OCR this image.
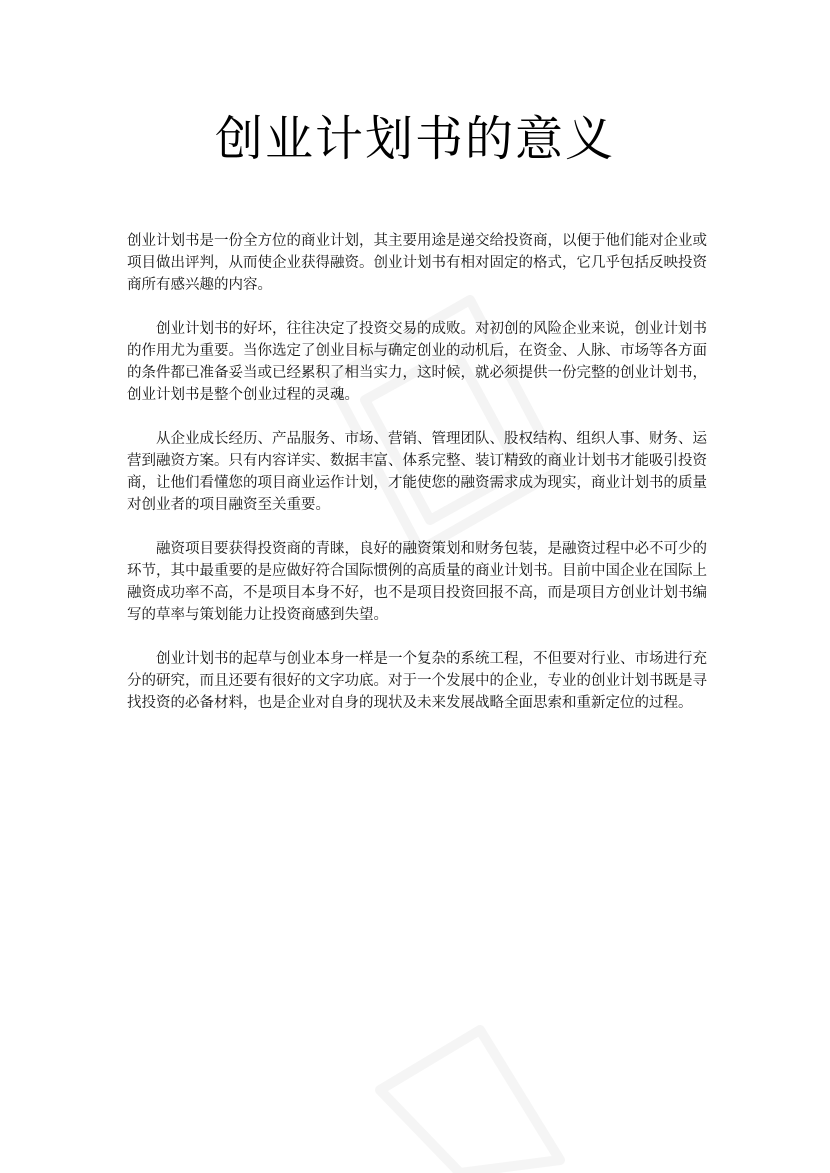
创业计划书的意义

创业计划书是一份全方位的商业计划，其主要用途是递交给投资商，以便于他们能对企业或项目做出评判，从而使企业获得融资。创业计划书有相对固定的格式，它几乎包括反映投资商所有感兴趣的内容。

创业计划书的好坏，往往决定了投资交易的成败。对初创的风险企业来说，创业计划书的作用尤为重要。当你选定了创业目标与确定创业的动机后，在资金、人脉、市场等各方面的条件都已准备妥当或已经累积了相当实力，这时候，就必须提供一份完整的创业计划书，创业计划书是整个创业过程的灵魂。

从企业成长经历、产品服务、市场、营销、管理团队、股权结构、组织人事、财务、运营到融资方案。只有内容详实、数据丰富、体系完整、装订精致的商业计划书才能吸引投资商，让他们看懂您的项目商业运作计划，才能使您的融资需求成为现实，商业计划书的质量对创业者的项目融资至关重要。

融资项目要获得投资商的青睐，良好的融资策划和财务包装，是融资过程中必不可少的环节，其中最重要的是应做好符合国际惯例的高质量的商业计划书。目前中国企业在国际上融资成功率不高，不是项目本身不好，也不是项目投资回报不高，而是项目方创业计划书编写的草率与策划能力让投资商感到失望。

创业计划书的起草与创业本身一样是一个复杂的系统工程，不但要对行业、市场进行充分的研究，而且还要有很好的文字功底。对于一个发展中的企业，专业的创业计划书既是寻找投资的必备材料，也是企业对自身的现状及未来发展战略全面思索和重新定位的过程。
